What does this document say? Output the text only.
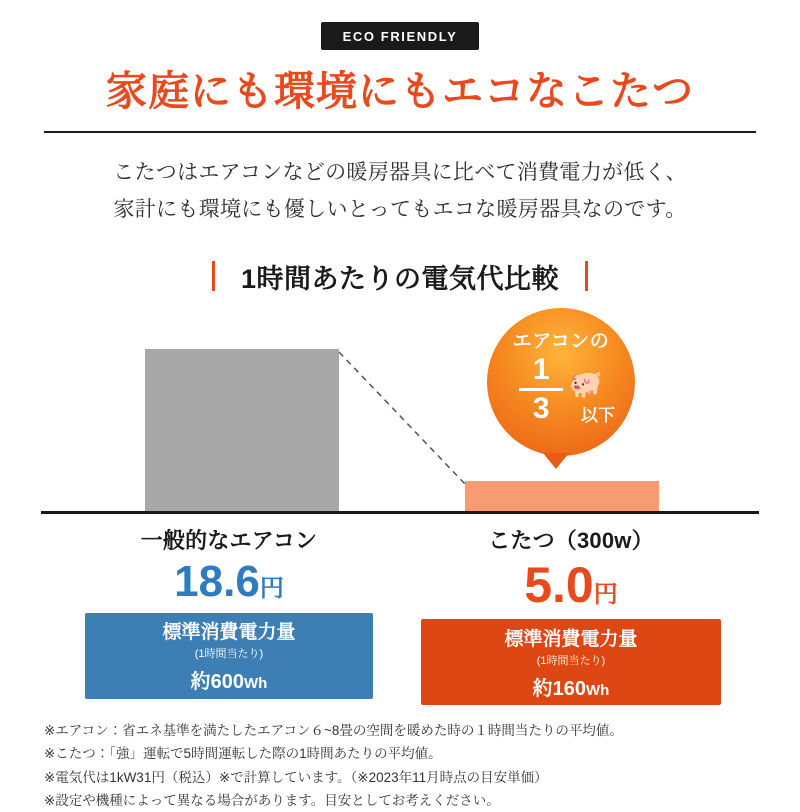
ECO FRIENDLY
家庭にも環境にもエコなこたつ
こたつはエアコンなどの暖房器具に比べて消費電力が低く、
家計にも環境にも優しいとってもエコな暖房器具なのです。
1時間あたりの電気代比較
エアコンの
$\frac{1}{3}$ 🐖
以下
一般的なエアコン
18.6円
標準消費電力量
(1時間当たり)
約600Wh
こたつ（300w）
5.0円
標準消費電力量
(1時間当たり)
約160Wh
※エアコン：省エネ基準を満たしたエアコン６~8畳の空間を暖めた時の１時間当たりの平均値。
※こたつ：「強」運転で5時間運転した際の1時間あたりの平均値。
※電気代は1kW31円（税込）※で計算しています。（※2023年11月時点の目安単価）
※設定や機種によって異なる場合があります。目安としてお考えください。
